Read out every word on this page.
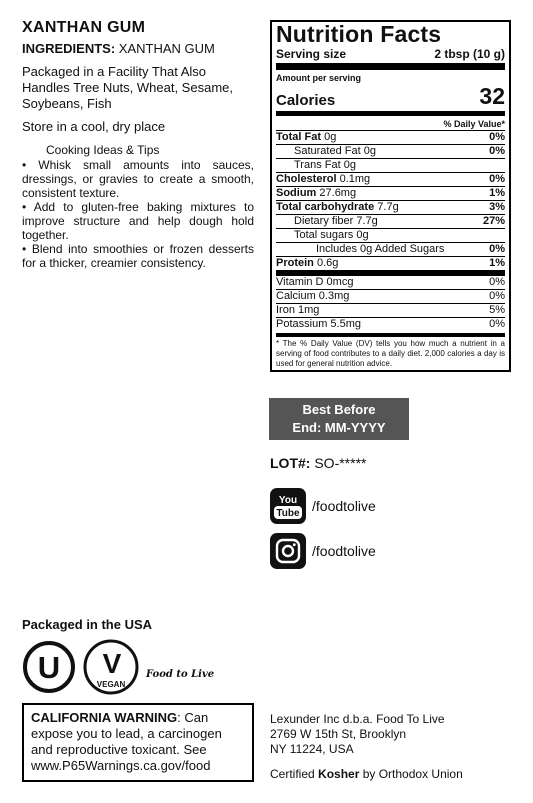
XANTHAN GUM
INGREDIENTS: XANTHAN GUM
Packaged in a Facility That Also Handles Tree Nuts, Wheat, Sesame, Soybeans, Fish
Store in a cool, dry place
Cooking Ideas & Tips
• Whisk small amounts into sauces, dressings, or gravies to create a smooth, consistent texture.
• Add to gluten-free baking mixtures to improve structure and help dough hold together.
• Blend into smoothies or frozen desserts for a thicker, creamier consistency.
Nutrition Facts
Serving size	2 tbsp (10 g)
Amount per serving
Calories	32
% Daily Value*
Total Fat 0g	0%
Saturated Fat 0g	0%
Trans Fat 0g
Cholesterol 0.1mg	0%
Sodium 27.6mg	1%
Total carbohydrate 7.7g	3%
Dietary fiber 7.7g	27%
Total sugars 0g
Includes 0g Added Sugars	0%
Protein 0.6g	1%
Vitamin D 0mcg	0%
Calcium 0.3mg	0%
Iron 1mg	5%
Potassium 5.5mg	0%
* The % Daily Value (DV) tells you how much a nutrient in a serving of food contributes to a daily diet. 2,000 calories a day is used for general nutrition advice.
Best Before
End: MM-YYYY
LOT#: SO-*****
You
Tube /foodtolive
/foodtolive
Packaged in the USA
U V
VEGAN
Food to Live
CALIFORNIA WARNING: Can expose you to lead, a carcinogen and reproductive toxicant. See www.P65Warnings.ca.gov/food
Lexunder Inc d.b.a. Food To Live
2769 W 15th St, Brooklyn
NY 11224, USA
Certified Kosher by Orthodox Union
